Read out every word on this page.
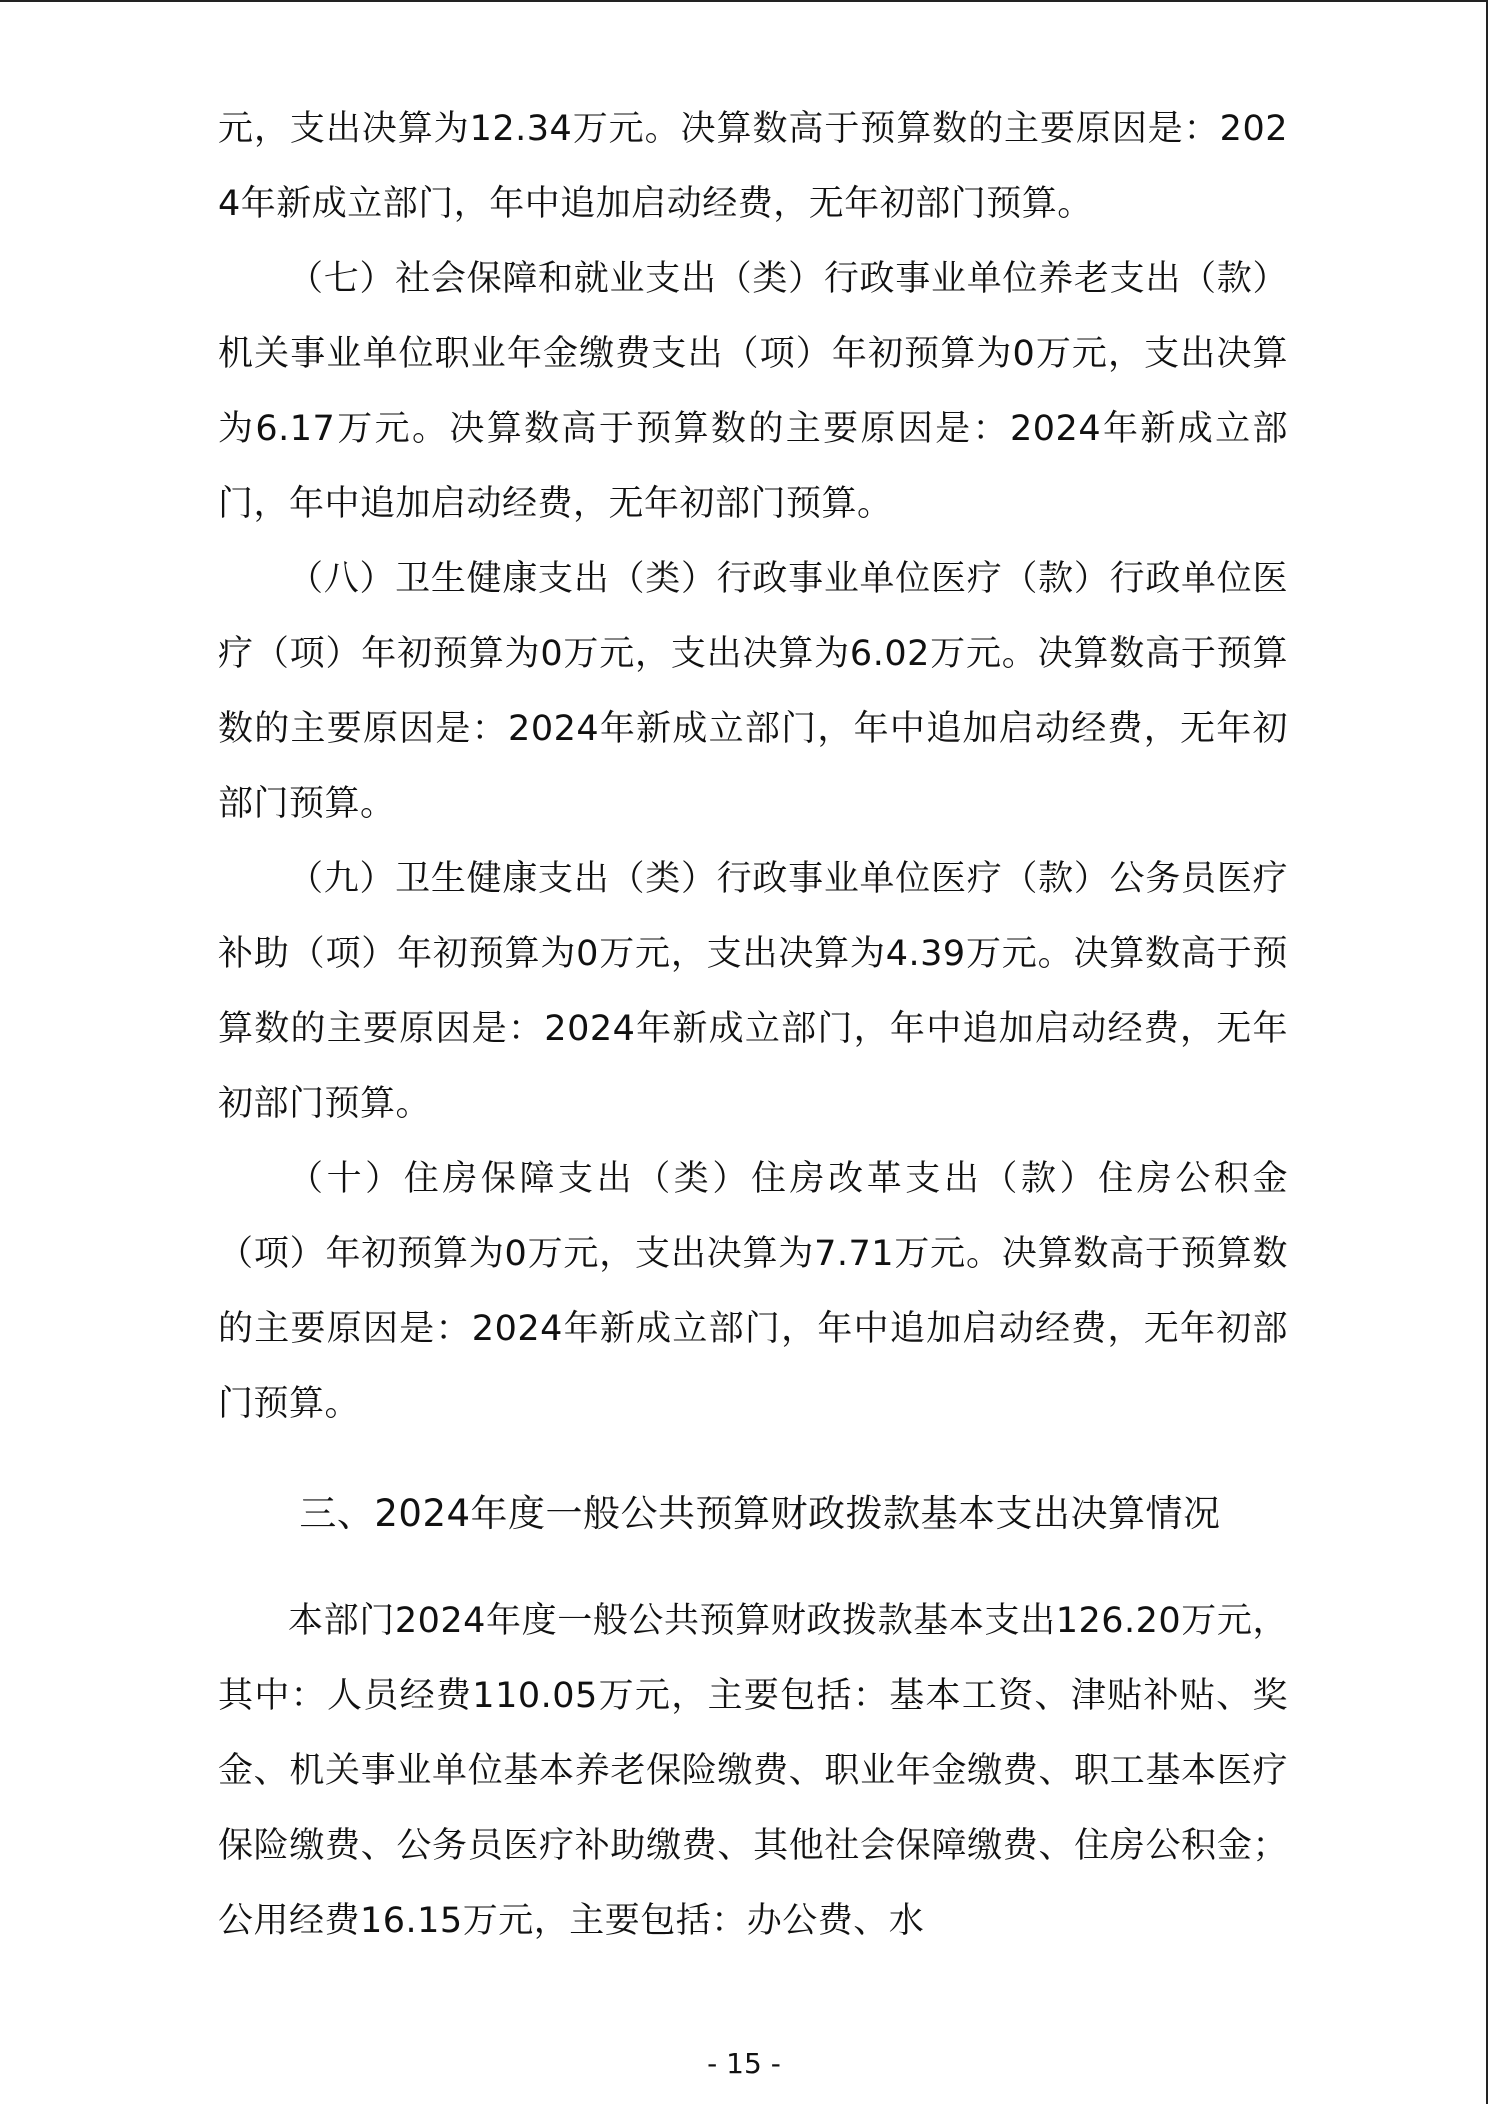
元，支出决算为12.34万元。决算数高于预算数的主要原因是：2024年新成立部门，年中追加启动经费，无年初部门预算。

（七）社会保障和就业支出（类）行政事业单位养老支出（款）机关事业单位职业年金缴费支出（项）年初预算为0万元，支出决算为6.17万元。决算数高于预算数的主要原因是：2024年新成立部门，年中追加启动经费，无年初部门预算。

（八）卫生健康支出（类）行政事业单位医疗（款）行政单位医疗（项）年初预算为0万元，支出决算为6.02万元。决算数高于预算数的主要原因是：2024年新成立部门，年中追加启动经费，无年初部门预算。

（九）卫生健康支出（类）行政事业单位医疗（款）公务员医疗补助（项）年初预算为0万元，支出决算为4.39万元。决算数高于预算数的主要原因是：2024年新成立部门，年中追加启动经费，无年初部门预算。

（十）住房保障支出（类）住房改革支出（款）住房公积金（项）年初预算为0万元，支出决算为7.71万元。决算数高于预算数的主要原因是：2024年新成立部门，年中追加启动经费，无年初部门预算。

三、2024年度一般公共预算财政拨款基本支出决算情况

本部门2024年度一般公共预算财政拨款基本支出126.20万元，其中：人员经费110.05万元，主要包括：基本工资、津贴补贴、奖金、机关事业单位基本养老保险缴费、职业年金缴费、职工基本医疗保险缴费、公务员医疗补助缴费、其他社会保障缴费、住房公积金；公用经费16.15万元，主要包括：办公费、水

- 15 -
